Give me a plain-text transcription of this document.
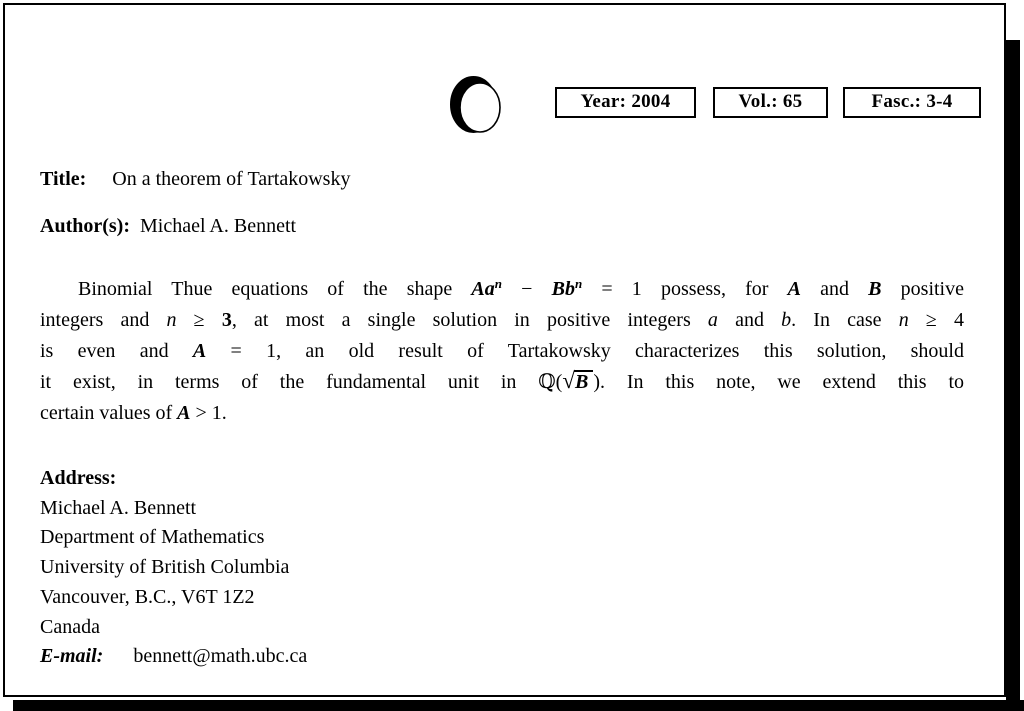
Year: 2004	Vol.: 65	Fasc.: 3-4
Title: On a theorem of Tartakowsky
Author(s): Michael A. Bennett
Binomial Thue equations of the shape $Aa^n - Bb^n = 1$ possess, for A and B positive
integers and n ≥ 3, at most a single solution in positive integers a and b. In case n ≥ 4
is even and A = 1, an old result of Tartakowsky characterizes this solution, should
it exist, in terms of the fundamental unit in ℚ(√B ). In this note, we extend this to
certain values of A > 1.
Address:
Michael A. Bennett
Department of Mathematics
University of British Columbia
Vancouver, B.C., V6T 1Z2
Canada
E-mail: bennett@math.ubc.ca
